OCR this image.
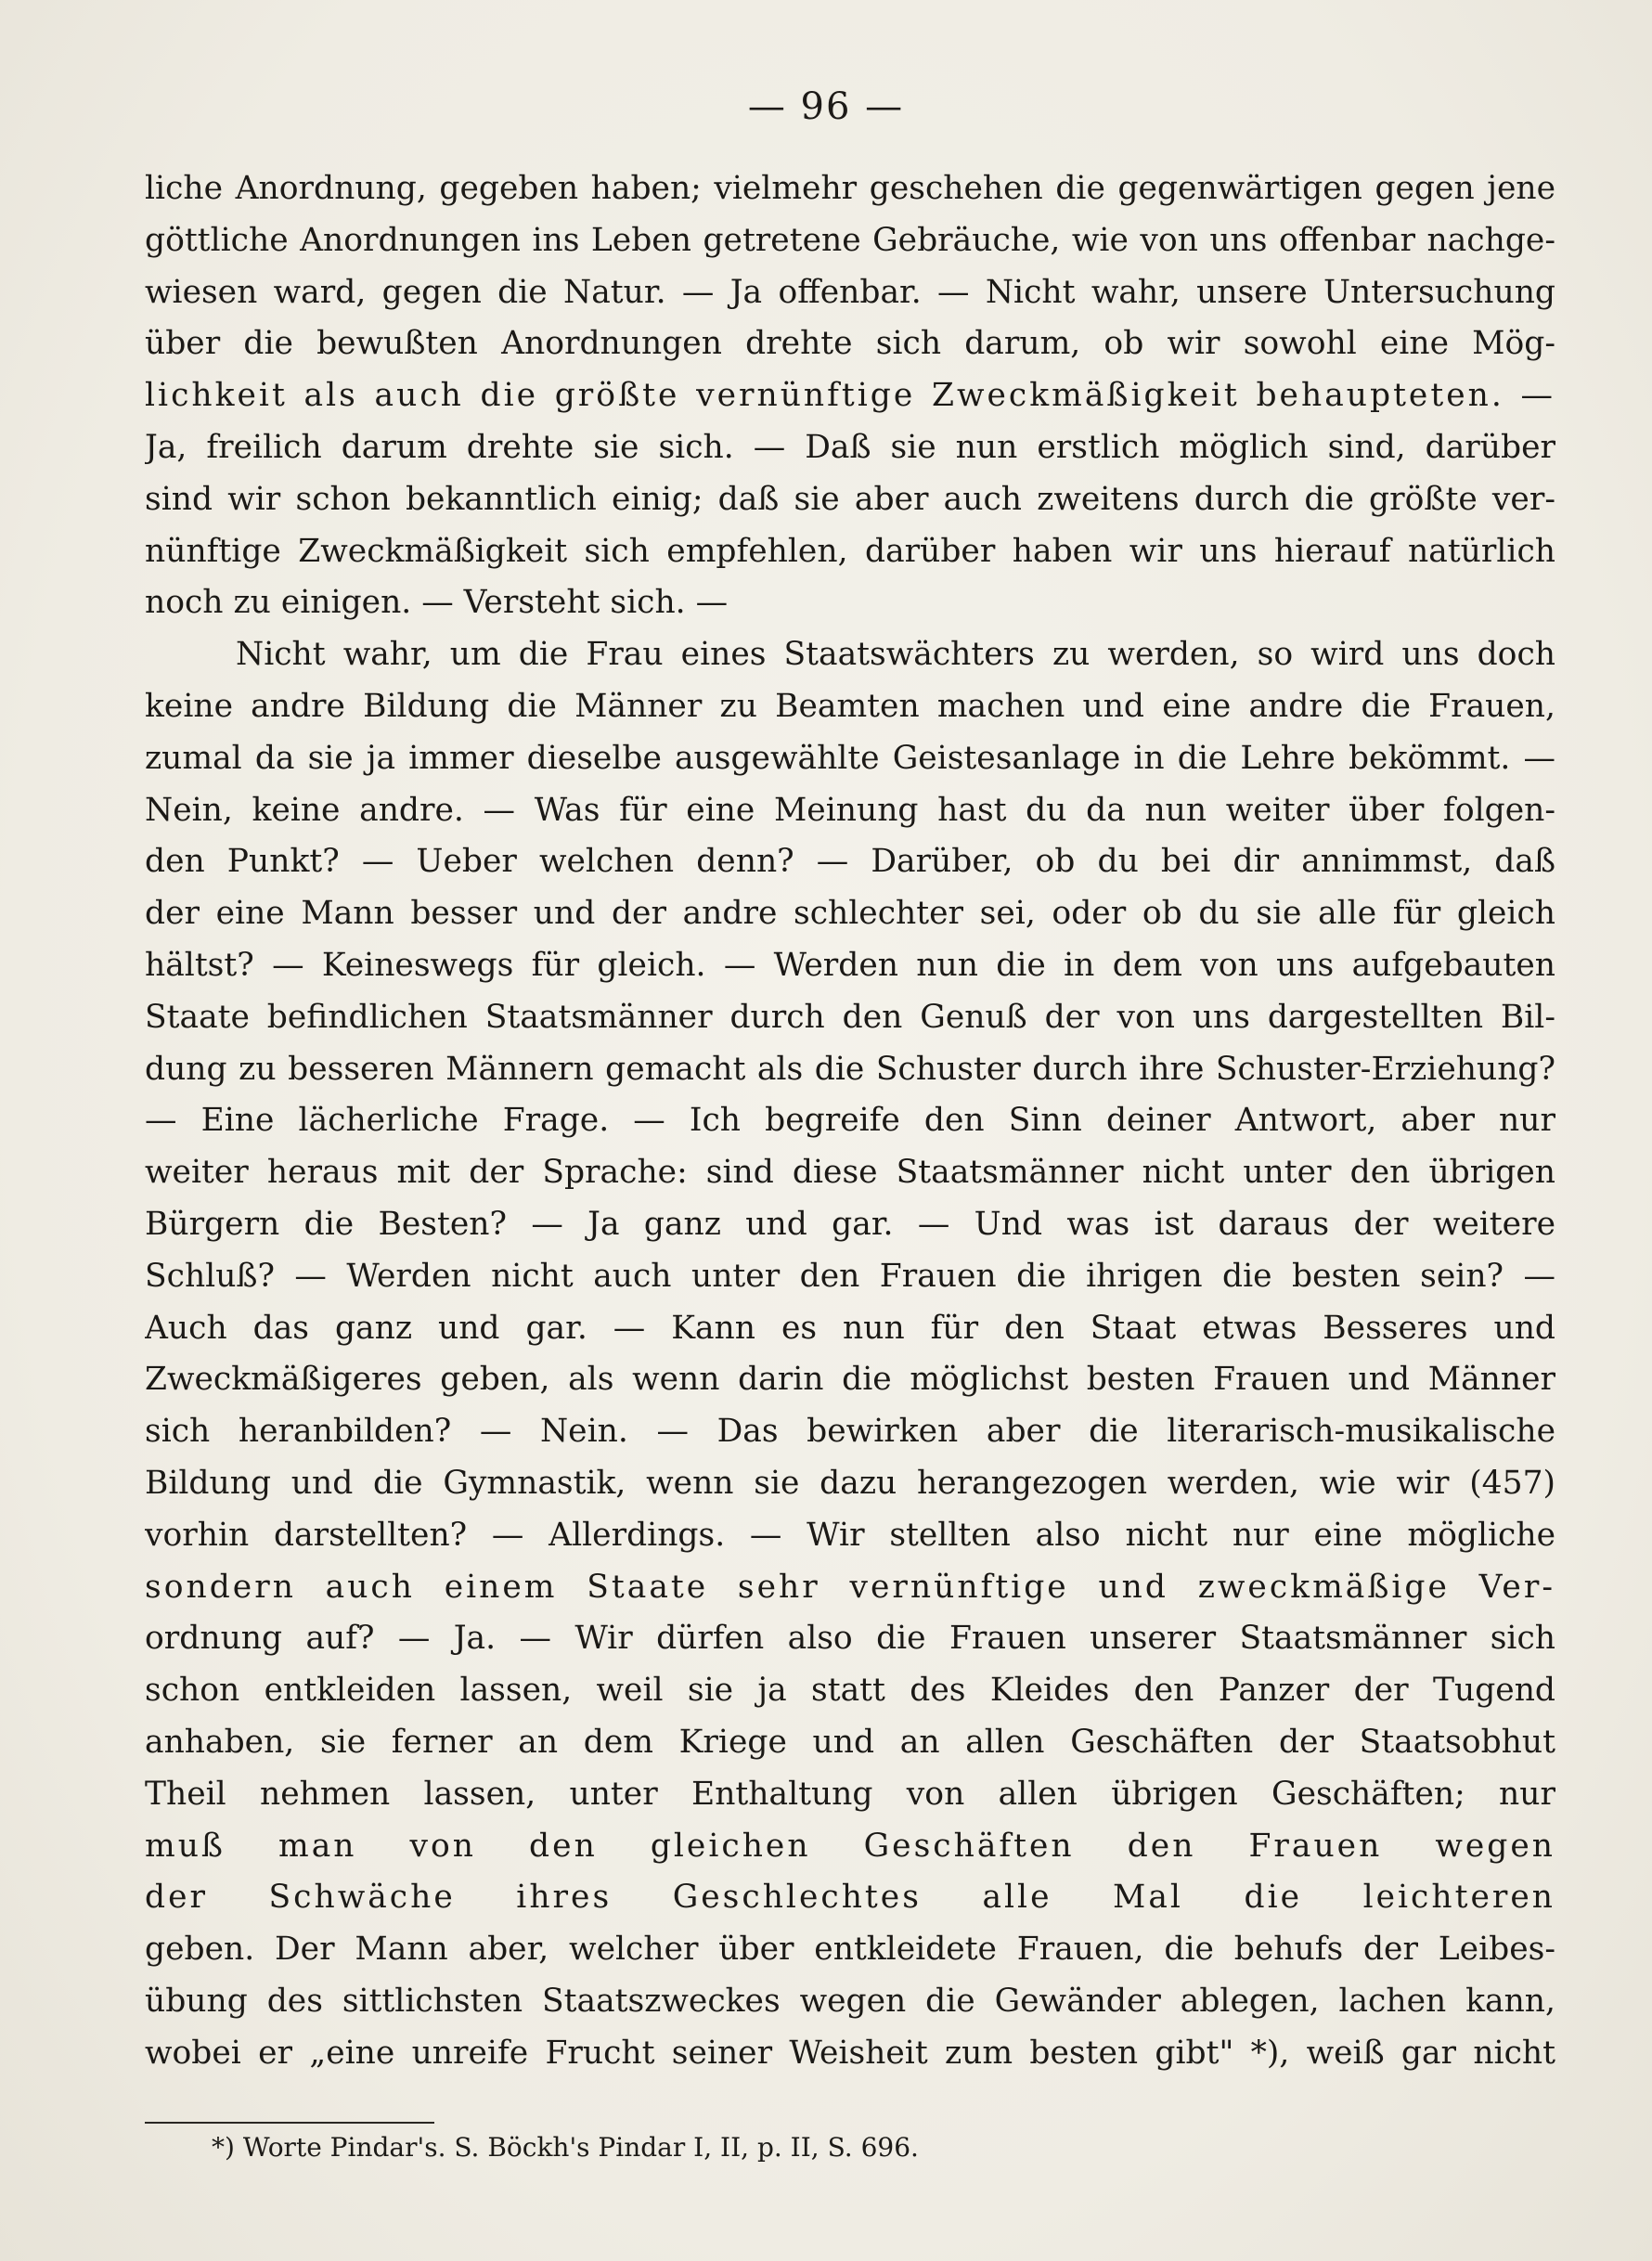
— 96 —
liche Anordnung, gegeben haben; vielmehr geschehen die gegenwärtigen gegen jene
göttliche Anordnungen ins Leben getretene Gebräuche, wie von uns offenbar nachge-
wiesen ward, gegen die Natur. — Ja offenbar. — Nicht wahr, unsere Untersuchung
über die bewußten Anordnungen drehte sich darum, ob wir sowohl eine Mög-
lichkeit als auch die größte vernünftige Zweckmäßigkeit behaupteten. —
Ja, freilich darum drehte sie sich. — Daß sie nun erstlich möglich sind, darüber
sind wir schon bekanntlich einig; daß sie aber auch zweitens durch die größte ver-
nünftige Zweckmäßigkeit sich empfehlen, darüber haben wir uns hierauf natürlich
noch zu einigen. — Versteht sich. —
Nicht wahr, um die Frau eines Staatswächters zu werden, so wird uns doch
keine andre Bildung die Männer zu Beamten machen und eine andre die Frauen,
zumal da sie ja immer dieselbe ausgewählte Geistesanlage in die Lehre bekömmt. —
Nein, keine andre. — Was für eine Meinung hast du da nun weiter über folgen-
den Punkt? — Ueber welchen denn? — Darüber, ob du bei dir annimmst, daß
der eine Mann besser und der andre schlechter sei, oder ob du sie alle für gleich
hältst? — Keineswegs für gleich. — Werden nun die in dem von uns aufgebauten
Staate befindlichen Staatsmänner durch den Genuß der von uns dargestellten Bil-
dung zu besseren Männern gemacht als die Schuster durch ihre Schuster-Erziehung?
— Eine lächerliche Frage. — Ich begreife den Sinn deiner Antwort, aber nur
weiter heraus mit der Sprache: sind diese Staatsmänner nicht unter den übrigen
Bürgern die Besten? — Ja ganz und gar. — Und was ist daraus der weitere
Schluß? — Werden nicht auch unter den Frauen die ihrigen die besten sein? —
Auch das ganz und gar. — Kann es nun für den Staat etwas Besseres und
Zweckmäßigeres geben, als wenn darin die möglichst besten Frauen und Männer
sich heranbilden? — Nein. — Das bewirken aber die literarisch-musikalische
Bildung und die Gymnastik, wenn sie dazu herangezogen werden, wie wir (457)
vorhin darstellten? — Allerdings. — Wir stellten also nicht nur eine mögliche
sondern auch einem Staate sehr vernünftige und zweckmäßige Ver-
ordnung auf? — Ja. — Wir dürfen also die Frauen unserer Staatsmänner sich
schon entkleiden lassen, weil sie ja statt des Kleides den Panzer der Tugend
anhaben, sie ferner an dem Kriege und an allen Geschäften der Staatsobhut
Theil nehmen lassen, unter Enthaltung von allen übrigen Geschäften; nur
muß man von den gleichen Geschäften den Frauen wegen
der Schwäche ihres Geschlechtes alle Mal die leichteren
geben. Der Mann aber, welcher über entkleidete Frauen, die behufs der Leibes-
übung des sittlichsten Staatszweckes wegen die Gewänder ablegen, lachen kann,
wobei er „eine unreife Frucht seiner Weisheit zum besten gibt" *), weiß gar nicht
*) Worte Pindar's. S. Böckh's Pindar I, II, p. II, S. 696.
